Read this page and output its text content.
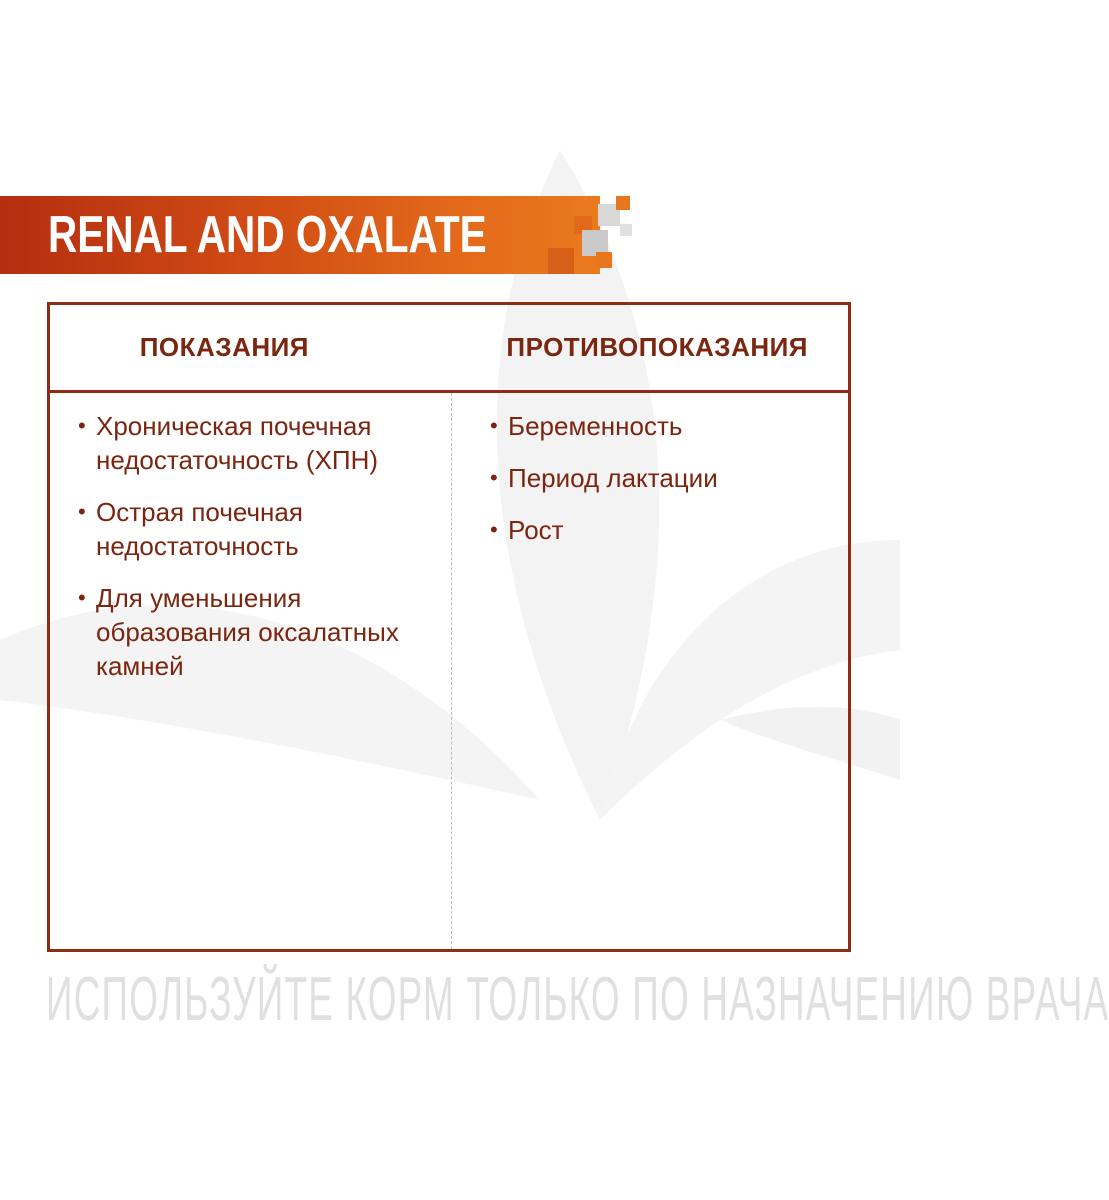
RENAL AND OXALATE
ПОКАЗАНИЯ	ПРОТИВОПОКАЗАНИЯ
• Хроническая почечная недостаточность (ХПН)
• Острая почечная недостаточность
• Для уменьшения образования оксалатных камней
• Беременность
• Период лактации
• Рост
ИСПОЛЬЗУЙТЕ КОРМ ТОЛЬКО ПО НАЗНАЧЕНИЮ ВРАЧА
